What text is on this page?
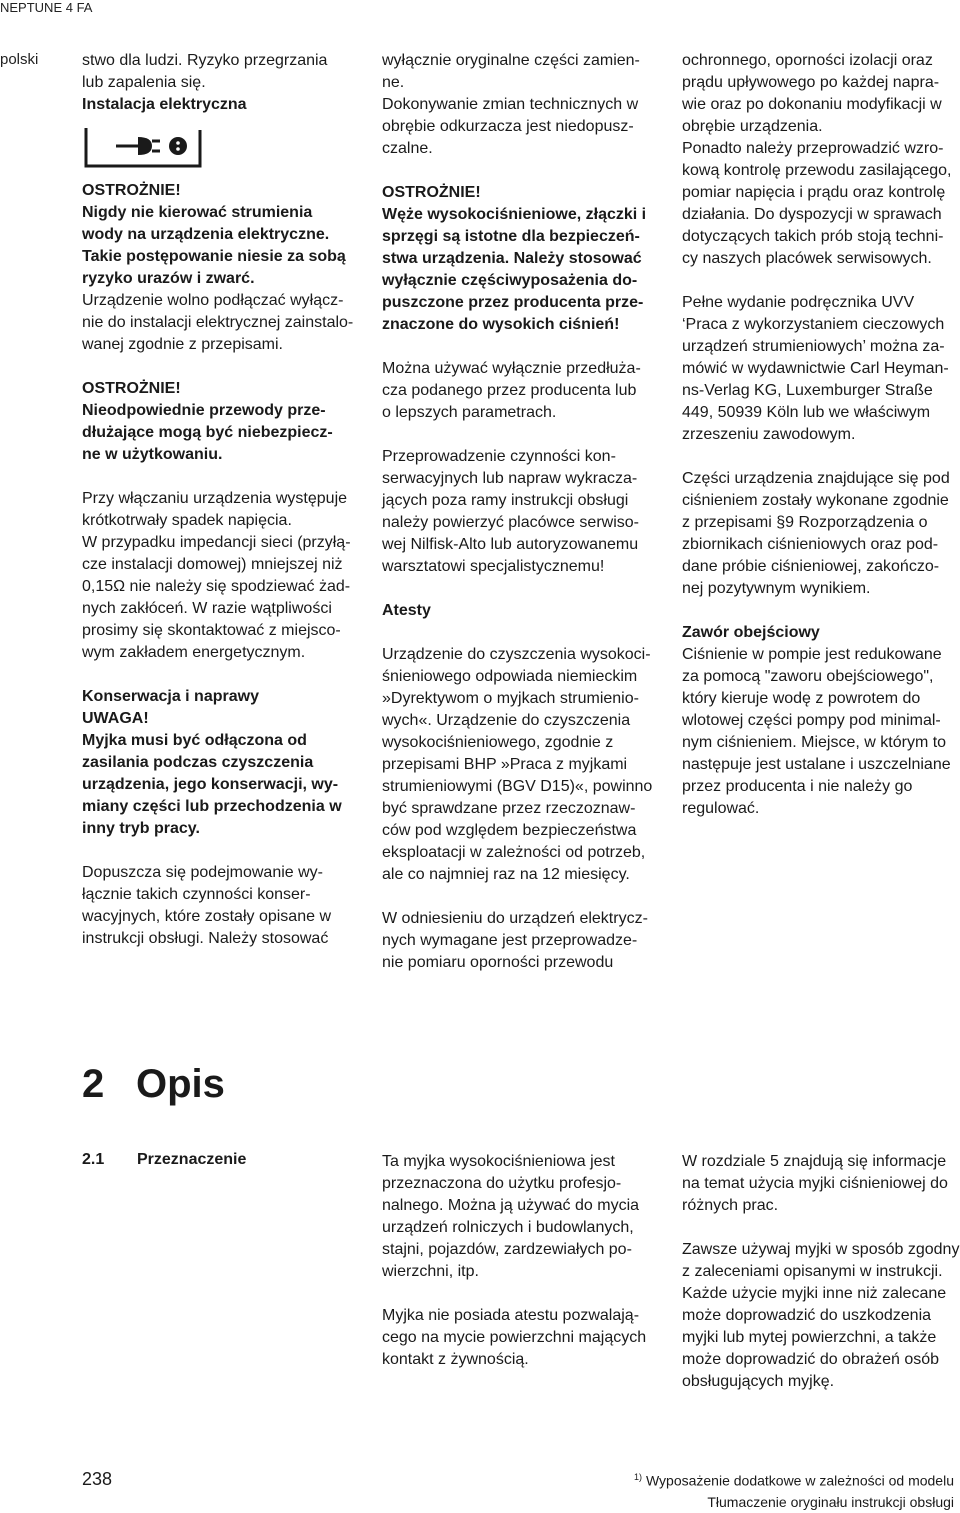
NEPTUNE 4 FA
polski	stwo dla ludzi. Ryzyko przegrzania
lub zapalenia się.

Instalacja elektryczna

OSTROŻNIE!

Nigdy nie kierować strumienia
wody na urządzenia elektryczne.
Takie postępowanie niesie za sobą
ryzyko urazów i zwarć.

Urządzenie wolno podłączać wyłącz-
nie do instalacji elektrycznej zainstalo-
wanej zgodnie z przepisami.

OSTROŻNIE!

Nieodpowiednie przewody prze-
dłużające mogą być niebezpiecz-
ne w użytkowaniu.

Przy włączaniu urządzenia występuje
krótkotrwały spadek napięcia.
W przypadku impedancji sieci (przyłą-
cze instalacji domowej) mniejszej niż
0,15Ω nie należy się spodziewać żad-
nych zakłóceń. W razie wątpliwości
prosimy się skontaktować z miejsco-
wym zakładem energetycznym.

Konserwacja i naprawy

UWAGA!

Myjka musi być odłączona od
zasilania podczas czyszczenia
urządzenia, jego konserwacji, wy-
miany części lub przechodzenia w
inny tryb pracy.

Dopuszcza się podejmowanie wy-
łącznie takich czynności konser-
wacyjnych, które zostały opisane w
instrukcji obsługi. Należy stosować

wyłącznie oryginalne części zamien-
ne.
Dokonywanie zmian technicznych w
obrębie odkurzacza jest niedopusz-
czalne.

OSTROŻNIE!

Węże wysokociśnieniowe, złączki i
sprzęgi są istotne dla bezpieczeń-
stwa urządzenia. Należy stosować
wyłącznie częściwyposażenia do-
puszczone przez producenta prze-
znaczone do wysokich ciśnień!

Można używać wyłącznie przedłuża-
cza podanego przez producenta lub
o lepszych parametrach.

Przeprowadzenie czynności kon-
serwacyjnych lub napraw wykracza-
jących poza ramy instrukcji obsługi
należy powierzyć placówce serwiso-
wej Nilfisk-Alto lub autoryzowanemu
warsztatowi specjalistycznemu!

Atesty

Urządzenie do czyszczenia wysokoci-
śnieniowego odpowiada niemieckim
»Dyrektywom o myjkach strumienio-
wych«. Urządzenie do czyszczenia
wysokociśnieniowego, zgodnie z
przepisami BHP »Praca z myjkami
strumieniowymi (BGV D15)«, powinno
być sprawdzane przez rzeczoznaw-
ców pod względem bezpieczeństwa
eksploatacji w zależności od potrzeb,
ale co najmniej raz na 12 miesięcy.

W odniesieniu do urządzeń elektrycz-
nych wymagane jest przeprowadze-
nie pomiaru oporności przewodu

ochronnego, oporności izolacji oraz
prądu upływowego po każdej napra-
wie oraz po dokonaniu modyfikacji w
obrębie urządzenia.
Ponadto należy przeprowadzić wzro-
kową kontrolę przewodu zasilającego,
pomiar napięcia i prądu oraz kontrolę
działania. Do dyspozycji w sprawach
dotyczących takich prób stoją techni-
cy naszych placówek serwisowych.

Pełne wydanie podręcznika UVV
‘Praca z wykorzystaniem cieczowych
urządzeń strumieniowych’ można za-
mówić w wydawnictwie Carl Heyman-
ns-Verlag KG, Luxemburger Straße
449, 50939 Köln lub we właściwym
zrzeszeniu zawodowym.

Części urządzenia znajdujące się pod
ciśnieniem zostały wykonane zgodnie
z przepisami §9 Rozporządzenia o
zbiornikach ciśnieniowych oraz pod-
dane próbie ciśnieniowej, zakończo-
nej pozytywnym wynikiem.

Zawór obejściowy

Ciśnienie w pompie jest redukowane
za pomocą "zaworu obejściowego",
który kieruje wodę z powrotem do
wlotowej części pompy pod minimal-
nym ciśnieniem. Miejsce, w którym to
następuje jest ustalane i uszczelniane
przez producenta i nie należy go
regulować.

2 Opis
2.1 Przeznaczenie	Ta myjka wysokociśnieniowa jest
przeznaczona do użytku profesjo-
nalnego. Można ją używać do mycia
urządzeń rolniczych i budowlanych,
stajni, pojazdów, zardzewiałych po-
wierzchni, itp.

Myjka nie posiada atestu pozwalają-
cego na mycie powierzchni mających
kontakt z żywnością.

W rozdziale 5 znajdują się informacje
na temat użycia myjki ciśnieniowej do
różnych prac.

Zawsze używaj myjki w sposób zgodny
z zaleceniami opisanymi w instrukcji.
Każde użycie myjki inne niż zalecane
może doprowadzić do uszkodzenia
myjki lub mytej powierzchni, a także
może doprowadzić do obrażeń osób
obsługujących myjkę.

238	$^{1)}$ Wyposażenie dodatkowe w zależności od modelu
Tłumaczenie oryginału instrukcji obsługi
